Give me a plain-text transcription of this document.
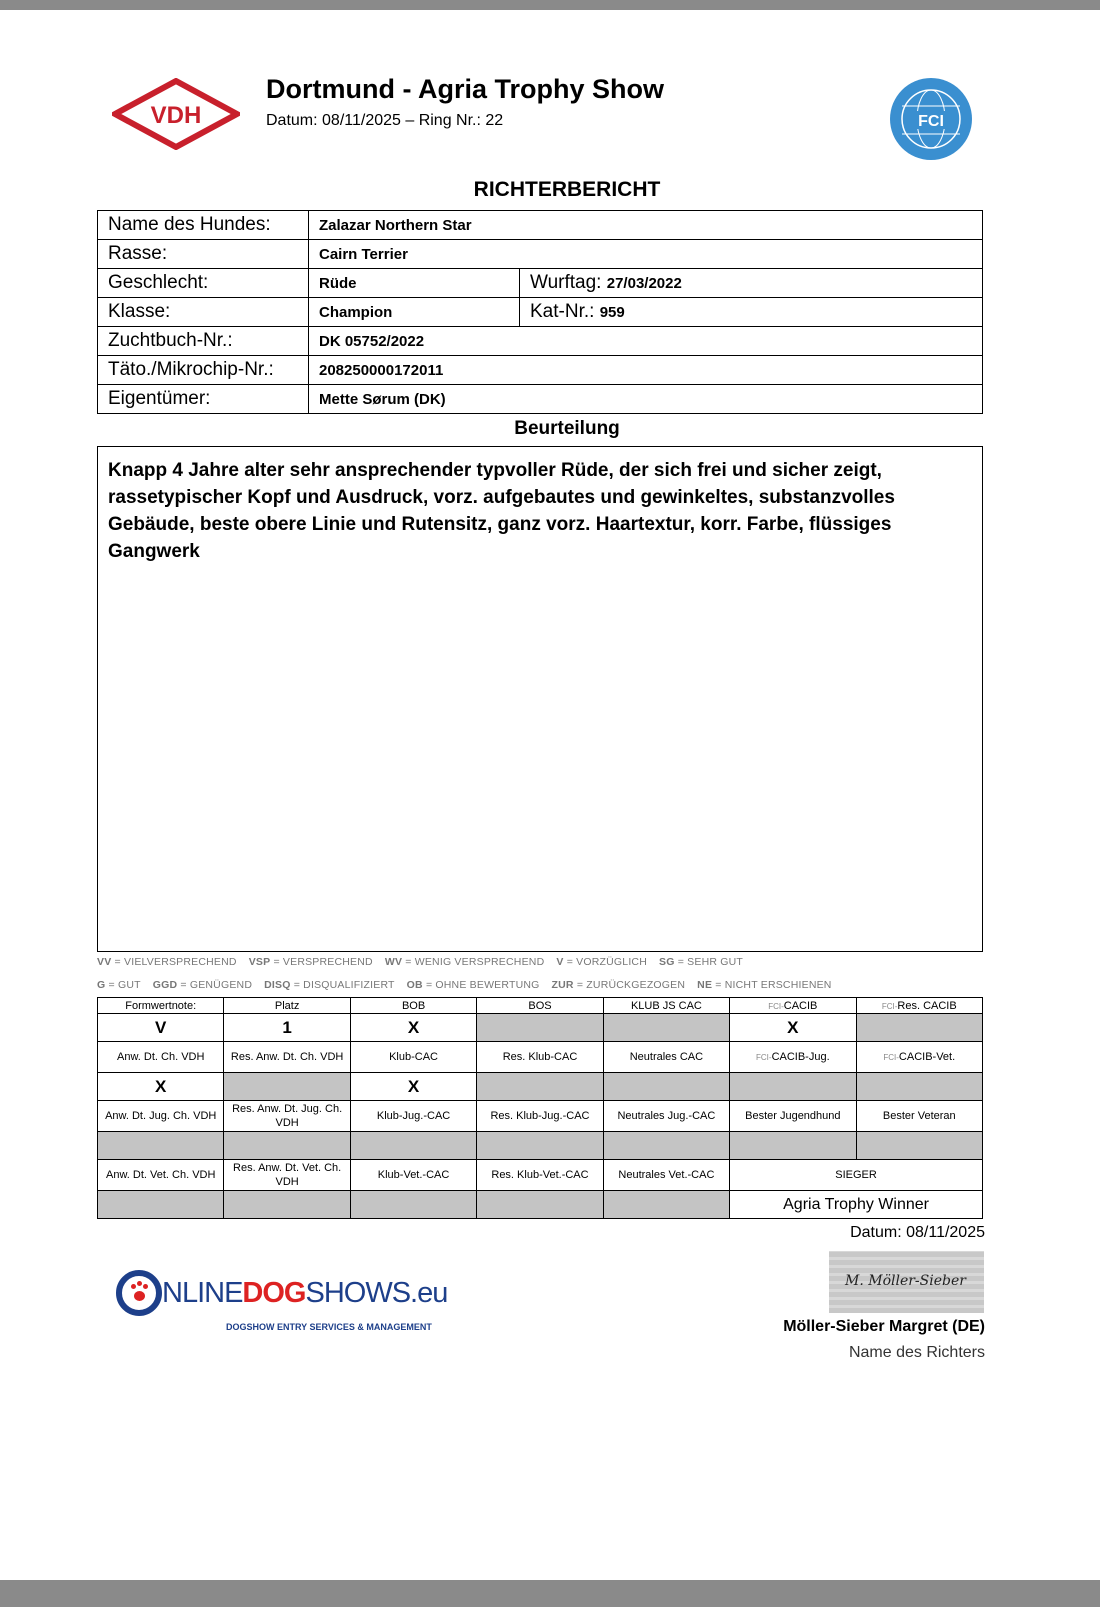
VDH
Dortmund - Agria Trophy Show
Datum: 08/11/2025 – Ring Nr.: 22	FCI
RICHTERBERICHT
Name des Hundes:	Zalazar Northern Star	
Rasse:	Cairn Terrier	
Geschlecht:	Rüde	Wurftag: 27/03/2022
Klasse:	Champion	Kat-Nr.: 959
Zuchtbuch-Nr.:	DK 05752/2022	
Täto./Mikrochip-Nr.:	208250000172011	
Eigentümer:	Mette Sørum (DK)	
Beurteilung

Knapp 4 Jahre alter sehr ansprechender typvoller Rüde, der sich frei und sicher zeigt, rassetypischer Kopf und Ausdruck, vorz. aufgebautes und gewinkeltes, substanzvolles Gebäude, beste obere Linie und Rutensitz, ganz vorz. Haartextur, korr. Farbe, flüssiges Gangwerk

VV = VIELVERSPRECHEND VSP = VERSPRECHEND WV = WENIG VERSPRECHEND V = VORZÜGLICH SG = SEHR GUT
G = GUT GGD = GENÜGEND DISQ = DISQUALIFIZIERT OB = OHNE BEWERTUNG ZUR = ZURÜCKGEZOGEN NE = NICHT ERSCHIENEN
Formwertnote:	Platz	BOB	BOS	KLUB JS CAC	FCI-CACIB	FCI-Res. CACIB
V	1	X			X	
Anw. Dt. Ch. VDH	Res. Anw. Dt. Ch. VDH	Klub-CAC	Res. Klub-CAC	Neutrales CAC	FCI-CACIB-Jug.	FCI-CACIB-Vet.
X		X				
Anw. Dt. Jug. Ch. VDH	Res. Anw. Dt. Jug. Ch. VDH	Klub-Jug.-CAC	Res. Klub-Jug.-CAC	Neutrales Jug.-CAC	Bester Jugendhund	Bester Veteran

Anw. Dt. Vet. Ch. VDH	Res. Anw. Dt. Vet. Ch. VDH	Klub-Vet.-CAC	Res. Klub-Vet.-CAC	Neutrales Vet.-CAC	SIEGER	
					Agria Trophy Winner	
Datum: 08/11/2025
M. Möller-Sieber
Möller-Sieber Margret (DE)
Name des Richters
NLINEDOGSHOWS.eu
DOGSHOW ENTRY SERVICES & MANAGEMENT
